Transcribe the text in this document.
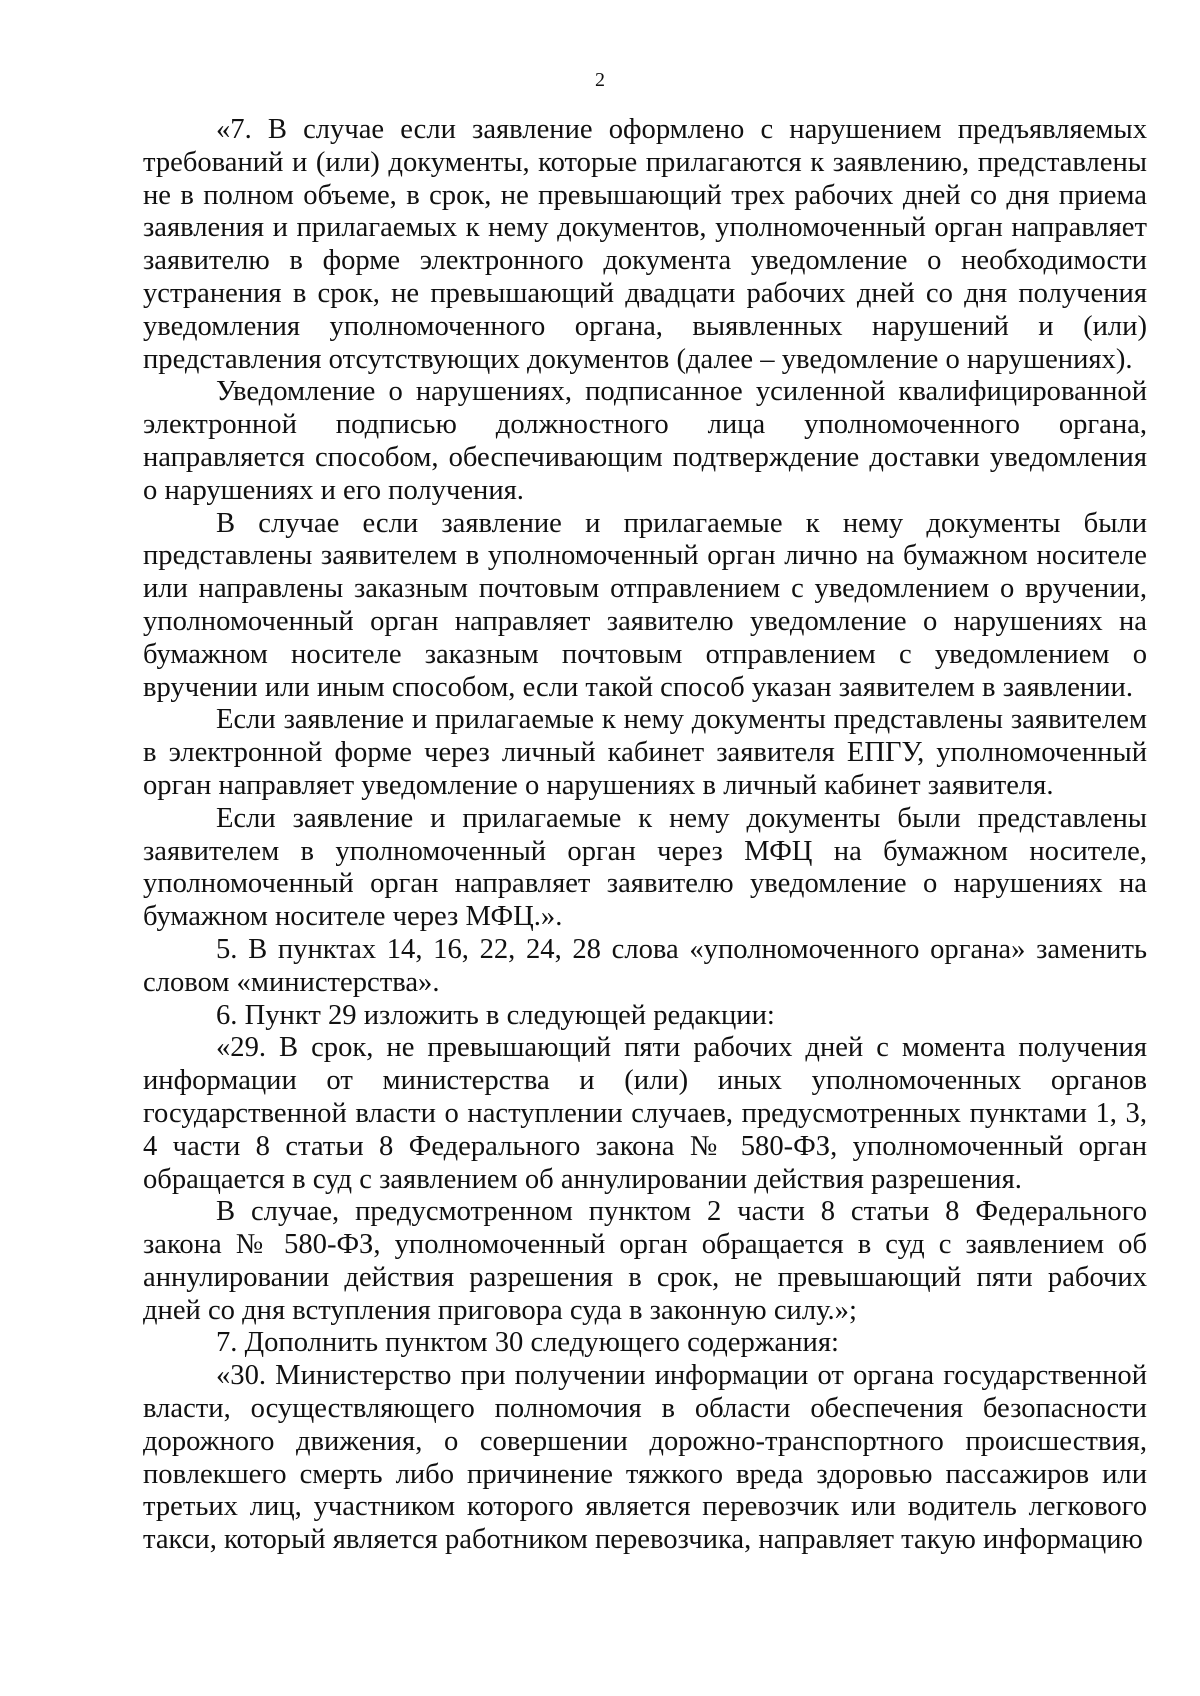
2

«7. В случае если заявление оформлено с нарушением предъявляемых требований и (или) документы, которые прилагаются к заявлению, представлены не в полном объеме, в срок, не превышающий трех рабочих дней со дня приема заявления и прилагаемых к нему документов, уполномоченный орган направляет заявителю в форме электронного документа уведомление о необходимости устранения в срок, не превышающий двадцати рабочих дней со дня получения уведомления уполномоченного органа, выявленных нарушений и (или) представления отсутствующих документов (далее – уведомление о нарушениях).

Уведомление о нарушениях, подписанное усиленной квалифицированной электронной подписью должностного лица уполномоченного органа, направляется способом, обеспечивающим подтверждение доставки уведомления о нарушениях и его получения.

В случае если заявление и прилагаемые к нему документы были представлены заявителем в уполномоченный орган лично на бумажном носителе или направлены заказным почтовым отправлением с уведомлением о вручении, уполномоченный орган направляет заявителю уведомление о нарушениях на бумажном носителе заказным почтовым отправлением с уведомлением о вручении или иным способом, если такой способ указан заявителем в заявлении.

Если заявление и прилагаемые к нему документы представлены заявителем в электронной форме через личный кабинет заявителя ЕПГУ, уполномоченный орган направляет уведомление о нарушениях в личный кабинет заявителя.

Если заявление и прилагаемые к нему документы были представлены заявителем в уполномоченный орган через МФЦ на бумажном носителе, уполномоченный орган направляет заявителю уведомление о нарушениях на бумажном носителе через МФЦ.».

5. В пунктах 14, 16, 22, 24, 28 слова «уполномоченного органа» заменить словом «министерства».

6. Пункт 29 изложить в следующей редакции:

«29. В срок, не превышающий пяти рабочих дней с момента получения информации от министерства и (или) иных уполномоченных органов государственной власти о наступлении случаев, предусмотренных пунктами 1, 3, 4 части 8 статьи 8 Федерального закона № 580-ФЗ, уполномоченный орган обращается в суд с заявлением об аннулировании действия разрешения.

В случае, предусмотренном пунктом 2 части 8 статьи 8 Федерального закона № 580-ФЗ, уполномоченный орган обращается в суд с заявлением об аннулировании действия разрешения в срок, не превышающий пяти рабочих дней со дня вступления приговора суда в законную силу.»;

7. Дополнить пунктом 30 следующего содержания:

«30. Министерство при получении информации от органа государственной власти, осуществляющего полномочия в области обеспечения безопасности дорожного движения, о совершении дорожно-транспортного происшествия, повлекшего смерть либо причинение тяжкого вреда здоровью пассажиров или третьих лиц, участником которого является перевозчик или водитель легкового такси, который является работником перевозчика, направляет такую информацию
